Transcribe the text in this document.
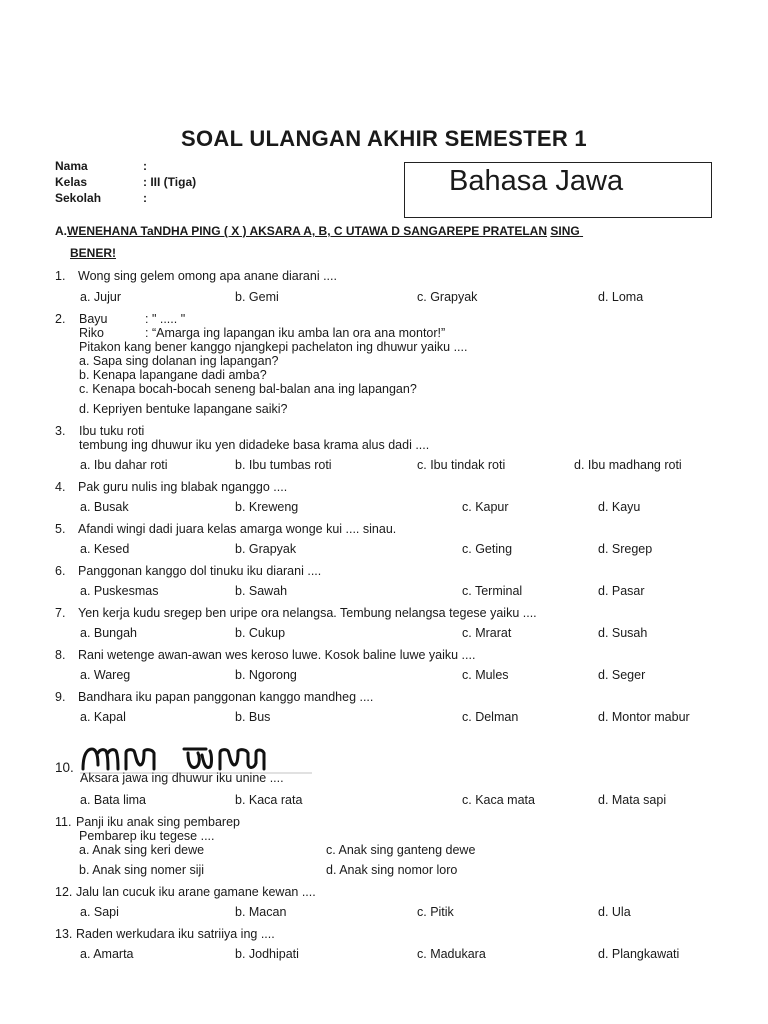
SOAL ULANGAN AKHIR SEMESTER 1
Nama	:
Kelas	: III (Tiga)
Sekolah	:
Bahasa Jawa
A.WENEHANA TaNDHA PING ( X ) AKSARA A, B, C UTAWA D SANGAREPE PRATELAN SING
BENER!
1. Wong sing gelem omong apa anane diarani ....
a. Jujur	b. Gemi	c. Grapyak	d. Loma
2. Bayu	: " ..... "
Riko	: “Amarga ing lapangan iku amba lan ora ana montor!”
Pitakon kang bener kanggo njangkepi pachelaton ing dhuwur yaiku ....
a. Sapa sing dolanan ing lapangan?
b. Kenapa lapangane dadi amba?
c. Kenapa bocah-bocah seneng bal-balan ana ing lapangan?
d. Kepriyen bentuke lapangane saiki?
3. Ibu tuku roti
tembung ing dhuwur iku yen didadeke basa krama alus dadi ....
a. Ibu dahar roti	b. Ibu tumbas roti	c. Ibu tindak roti	d. Ibu madhang roti
4. Pak guru nulis ing blabak nganggo ....
a. Busak	b. Kreweng	c. Kapur	d. Kayu
5. Afandi wingi dadi juara kelas amarga wonge kui .... sinau.
a. Kesed	b. Grapyak	c. Geting	d. Sregep
6. Panggonan kanggo dol tinuku iku diarani ....
a. Puskesmas	b. Sawah	c. Terminal	d. Pasar
7. Yen kerja kudu sregep ben uripe ora nelangsa. Tembung nelangsa tegese yaiku ....
a. Bungah	b. Cukup	c. Mrarat	d. Susah
8. Rani wetenge awan-awan wes keroso luwe. Kosok baline luwe yaiku ....
a. Wareg	b. Ngorong	c. Mules	d. Seger
9. Bandhara iku papan panggonan kanggo mandheg ....
a. Kapal	b. Bus	c. Delman	d. Montor mabur
10.
Aksara jawa ing dhuwur iku unine ....
a. Bata lima	b. Kaca rata	c. Kaca mata	d. Mata sapi
11. Panji iku anak sing pembarep
Pembarep iku tegese ....
a. Anak sing keri dewe	c. Anak sing ganteng dewe
b. Anak sing nomer siji	d. Anak sing nomor loro
12. Jalu lan cucuk iku arane gamane kewan ....
a. Sapi	b. Macan	c. Pitik	d. Ula
13. Raden werkudara iku satriiya ing ....
a. Amarta	b. Jodhipati	c. Madukara	d. Plangkawati
